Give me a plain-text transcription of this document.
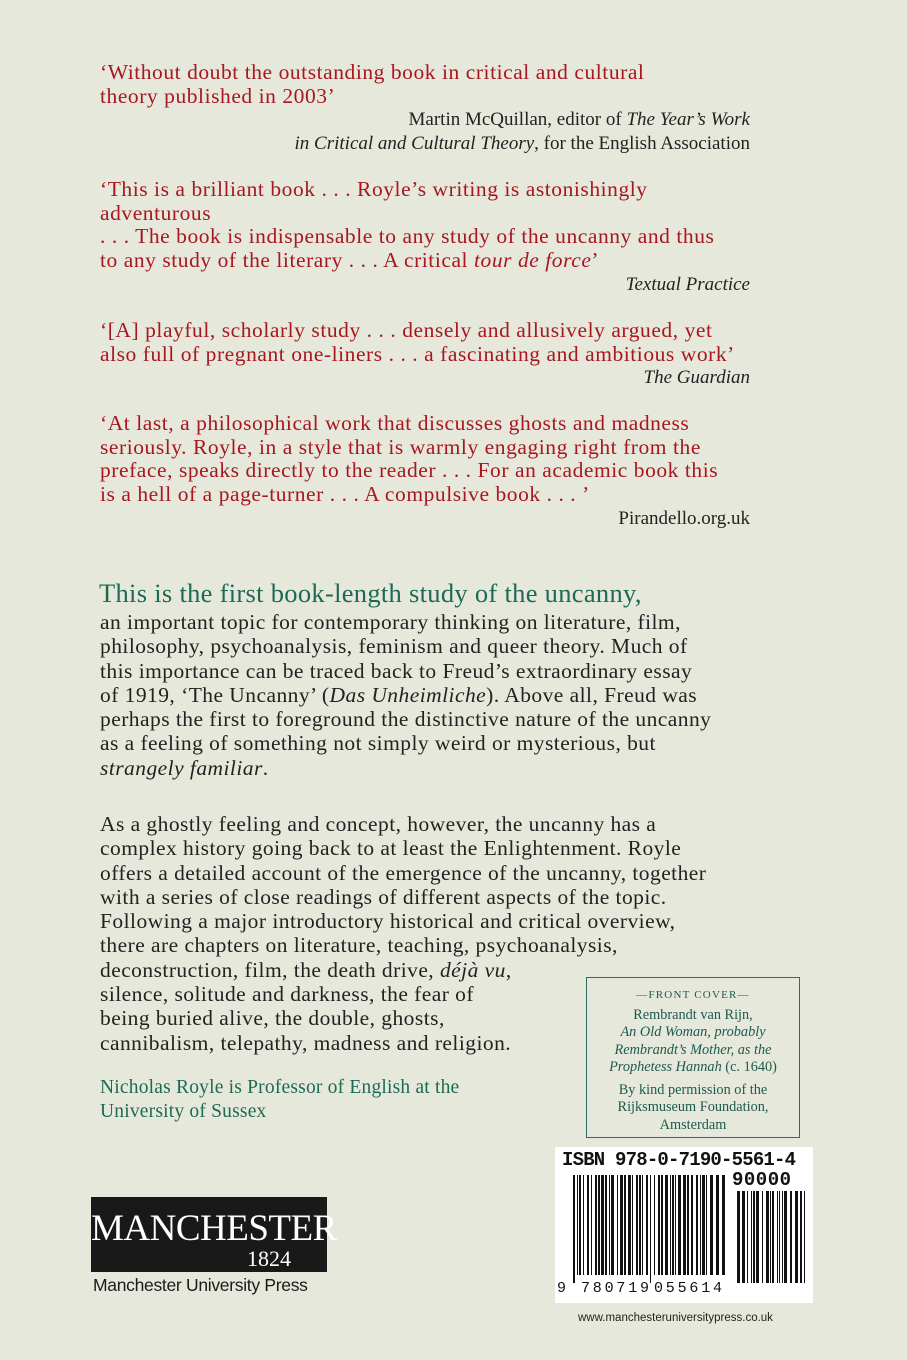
‘Without doubt the outstanding book in critical and cultural
theory published in 2003’
Martin McQuillan, editor of The Year’s Work
in Critical and Cultural Theory, for the English Association
‘This is a brilliant book . . . Royle’s writing is astonishingly
adventurous
. . . The book is indispensable to any study of the uncanny and thus
to any study of the literary . . . A critical tour de force’
Textual Practice
‘[A] playful, scholarly study . . . densely and allusively argued, yet
also full of pregnant one-liners . . . a fascinating and ambitious work’
The Guardian
‘At last, a philosophical work that discusses ghosts and madness
seriously. Royle, in a style that is warmly engaging right from the
preface, speaks directly to the reader . . . For an academic book this
is a hell of a page-turner . . . A compulsive book . . . ’
Pirandello.org.uk
This is the first book-length study of the uncanny,
an important topic for contemporary thinking on literature, film,
philosophy, psychoanalysis, feminism and queer theory. Much of
this importance can be traced back to Freud’s extraordinary essay
of 1919, ‘The Uncanny’ (Das Unheimliche). Above all, Freud was
perhaps the first to foreground the distinctive nature of the uncanny
as a feeling of something not simply weird or mysterious, but
strangely familiar.
As a ghostly feeling and concept, however, the uncanny has a
complex history going back to at least the Enlightenment. Royle
offers a detailed account of the emergence of the uncanny, together
with a series of close readings of different aspects of the topic.
Following a major introductory historical and critical overview,
there are chapters on literature, teaching, psychoanalysis,
deconstruction, film, the death drive, déjà vu,
silence, solitude and darkness, the fear of
being buried alive, the double, ghosts,
cannibalism, telepathy, madness and religion.
Nicholas Royle is Professor of English at the
University of Sussex
—FRONT COVER—
Rembrandt van Rijn,
An Old Woman, probably
Rembrandt’s Mother, as the
Prophetess Hannah (c. 1640)
By kind permission of the
Rijksmuseum Foundation,
Amsterdam
MANCHESTER
1824
Manchester University Press
ISBN 978-0-7190-5561-4
90000
9 780719 055614
www.manchesteruniversitypress.co.uk
